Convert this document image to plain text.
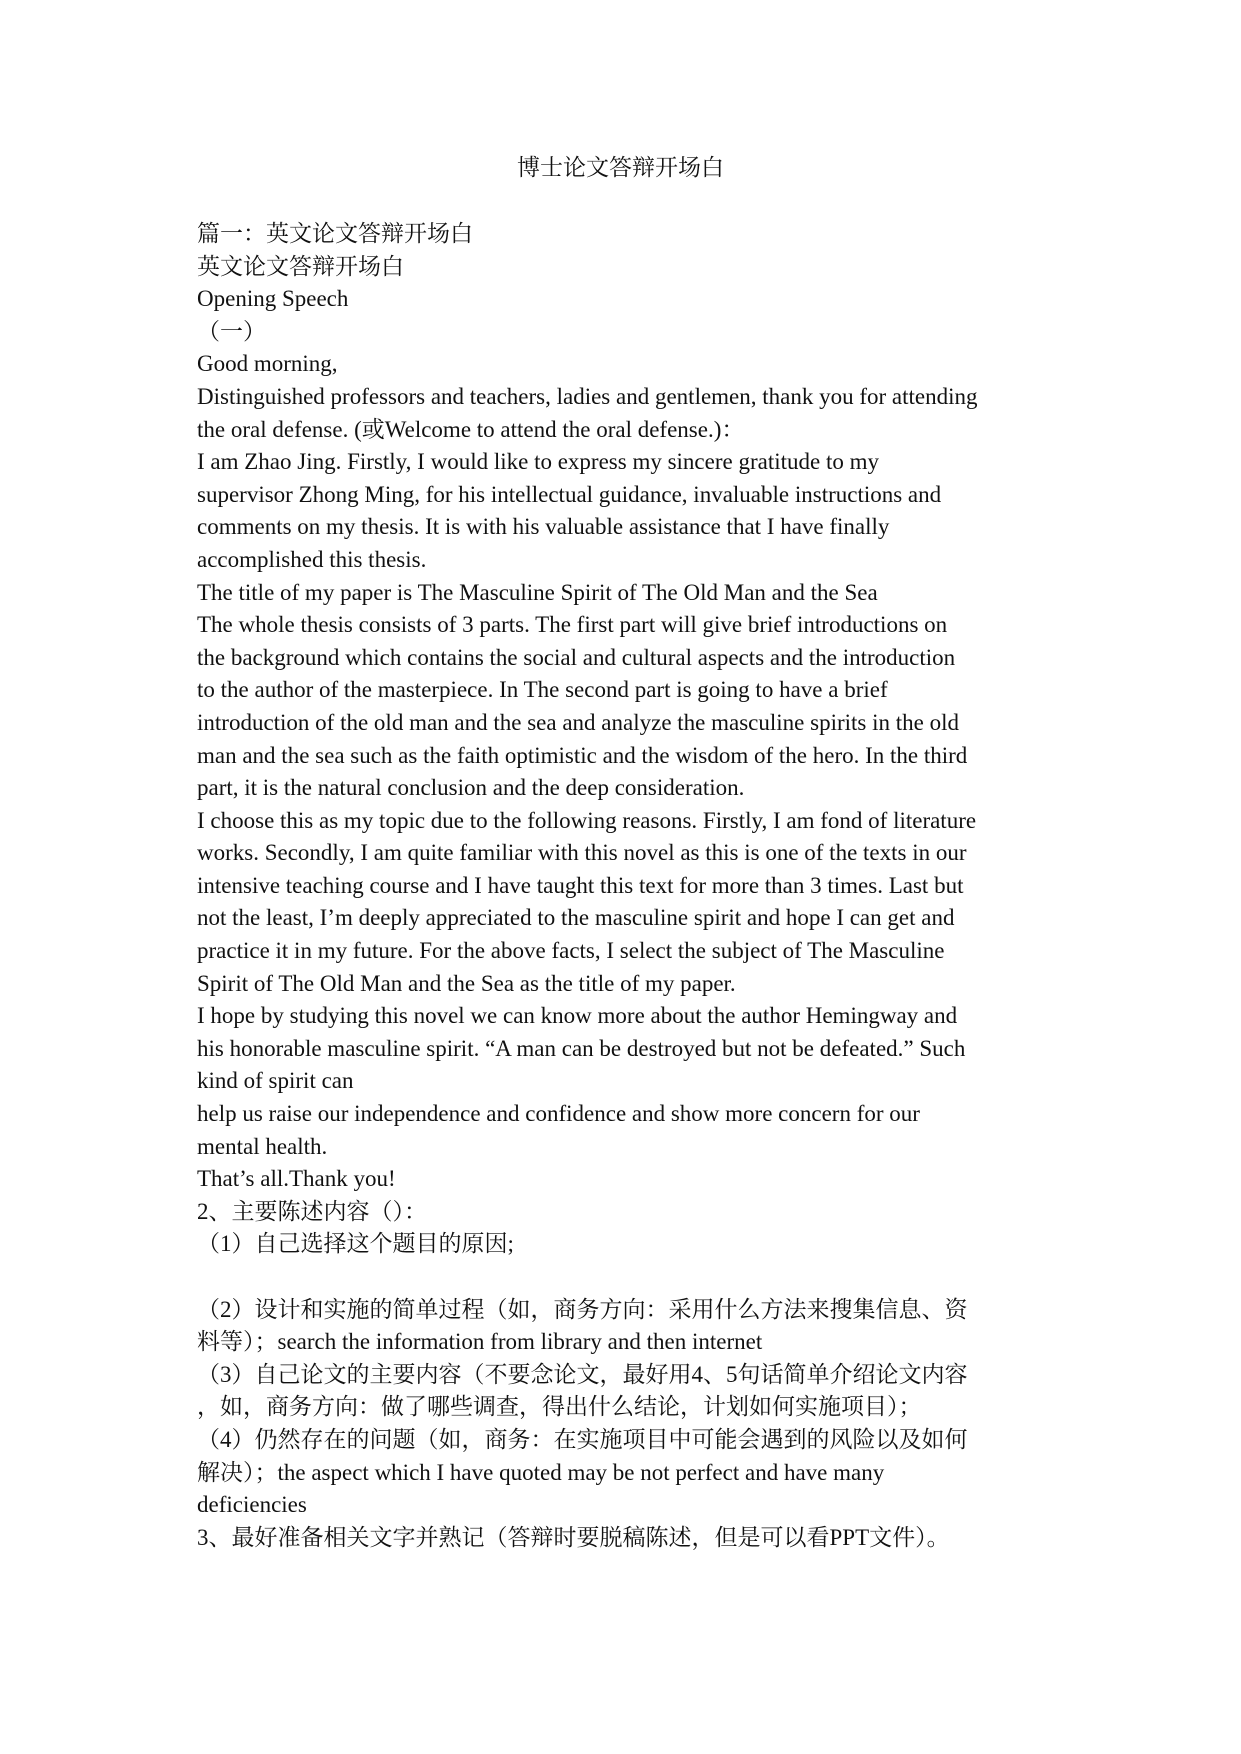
博士论文答辩开场白
篇一：英文论文答辩开场白
英文论文答辩开场白
Opening Speech
（一）
Good morning,
Distinguished professors and teachers, ladies and gentlemen, thank you for attending
the oral defense. (或Welcome to attend the oral defense.)：
I am Zhao Jing. Firstly, I would like to express my sincere gratitude to my
supervisor Zhong Ming, for his intellectual guidance, invaluable instructions and
comments on my thesis. It is with his valuable assistance that I have finally
accomplished this thesis.
The title of my paper is The Masculine Spirit of The Old Man and the Sea
The whole thesis consists of 3 parts. The first part will give brief introductions on
the background which contains the social and cultural aspects and the introduction
to the author of the masterpiece. In The second part is going to have a brief
introduction of the old man and the sea and analyze the masculine spirits in the old
man and the sea such as the faith optimistic and the wisdom of the hero. In the third
part, it is the natural conclusion and the deep consideration.
I choose this as my topic due to the following reasons. Firstly, I am fond of literature
works. Secondly, I am quite familiar with this novel as this is one of the texts in our
intensive teaching course and I have taught this text for more than 3 times. Last but
not the least, I’m deeply appreciated to the masculine spirit and hope I can get and
practice it in my future. For the above facts, I select the subject of The Masculine
Spirit of The Old Man and the Sea as the title of my paper.
I hope by studying this novel we can know more about the author Hemingway and
his honorable masculine spirit. “A man can be destroyed but not be defeated.” Such
kind of spirit can
help us raise our independence and confidence and show more concern for our
mental health.
That’s all.Thank you!
2、主要陈述内容（）：
（1）自己选择这个题目的原因;
（2）设计和实施的简单过程（如，商务方向：采用什么方法来搜集信息、资
料等）；search the information from library and then internet
（3）自己论文的主要内容（不要念论文，最好用4、5句话简单介绍论文内容
，如，商务方向：做了哪些调查，得出什么结论，计划如何实施项目）；
（4）仍然存在的问题（如，商务：在实施项目中可能会遇到的风险以及如何
解决）；the aspect which I have quoted may be not perfect and have many
deficiencies
3、最好准备相关文字并熟记（答辩时要脱稿陈述，但是可以看PPT文件）。
